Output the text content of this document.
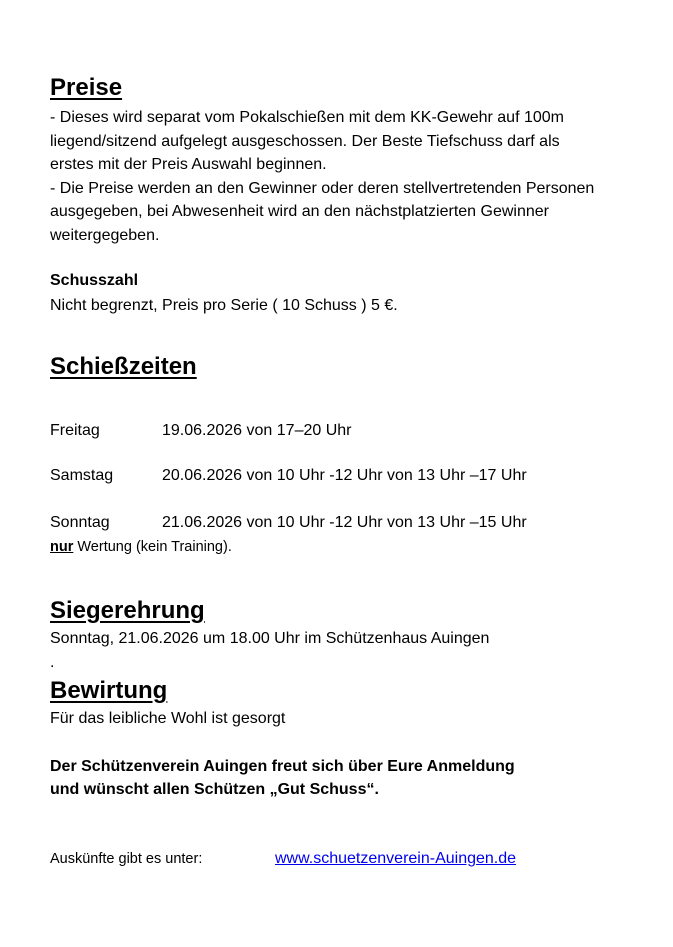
Preise

- Dieses wird separat vom Pokalschießen mit dem KK-Gewehr auf 100m

liegend/sitzend aufgelegt ausgeschossen. Der Beste Tiefschuss darf als

erstes mit der Preis Auswahl beginnen.

- Die Preise werden an den Gewinner oder deren stellvertretenden Personen

ausgegeben, bei Abwesenheit wird an den nächstplatzierten Gewinner

weitergegeben.

Schusszahl
Nicht begrenzt, Preis pro Serie ( 10 Schuss ) 5 €.
Schießzeiten
Freitag	19.06.2026 von 17–20 Uhr
Samstag	20.06.2026 von 10 Uhr -12 Uhr von 13 Uhr –17 Uhr
Sonntag	21.06.2026 von 10 Uhr -12 Uhr von 13 Uhr –15 Uhr
nur Wertung (kein Training).
Siegerehrung
Sonntag, 21.06.2026 um 18.00 Uhr im Schützenhaus Auingen
.
Bewirtung
Für das leibliche Wohl ist gesorgt
Der Schützenverein Auingen freut sich über Eure Anmeldung
und wünscht allen Schützen „Gut Schuss“.
Auskünfte gibt es unter:	www.schuetzenverein-Auingen.de
